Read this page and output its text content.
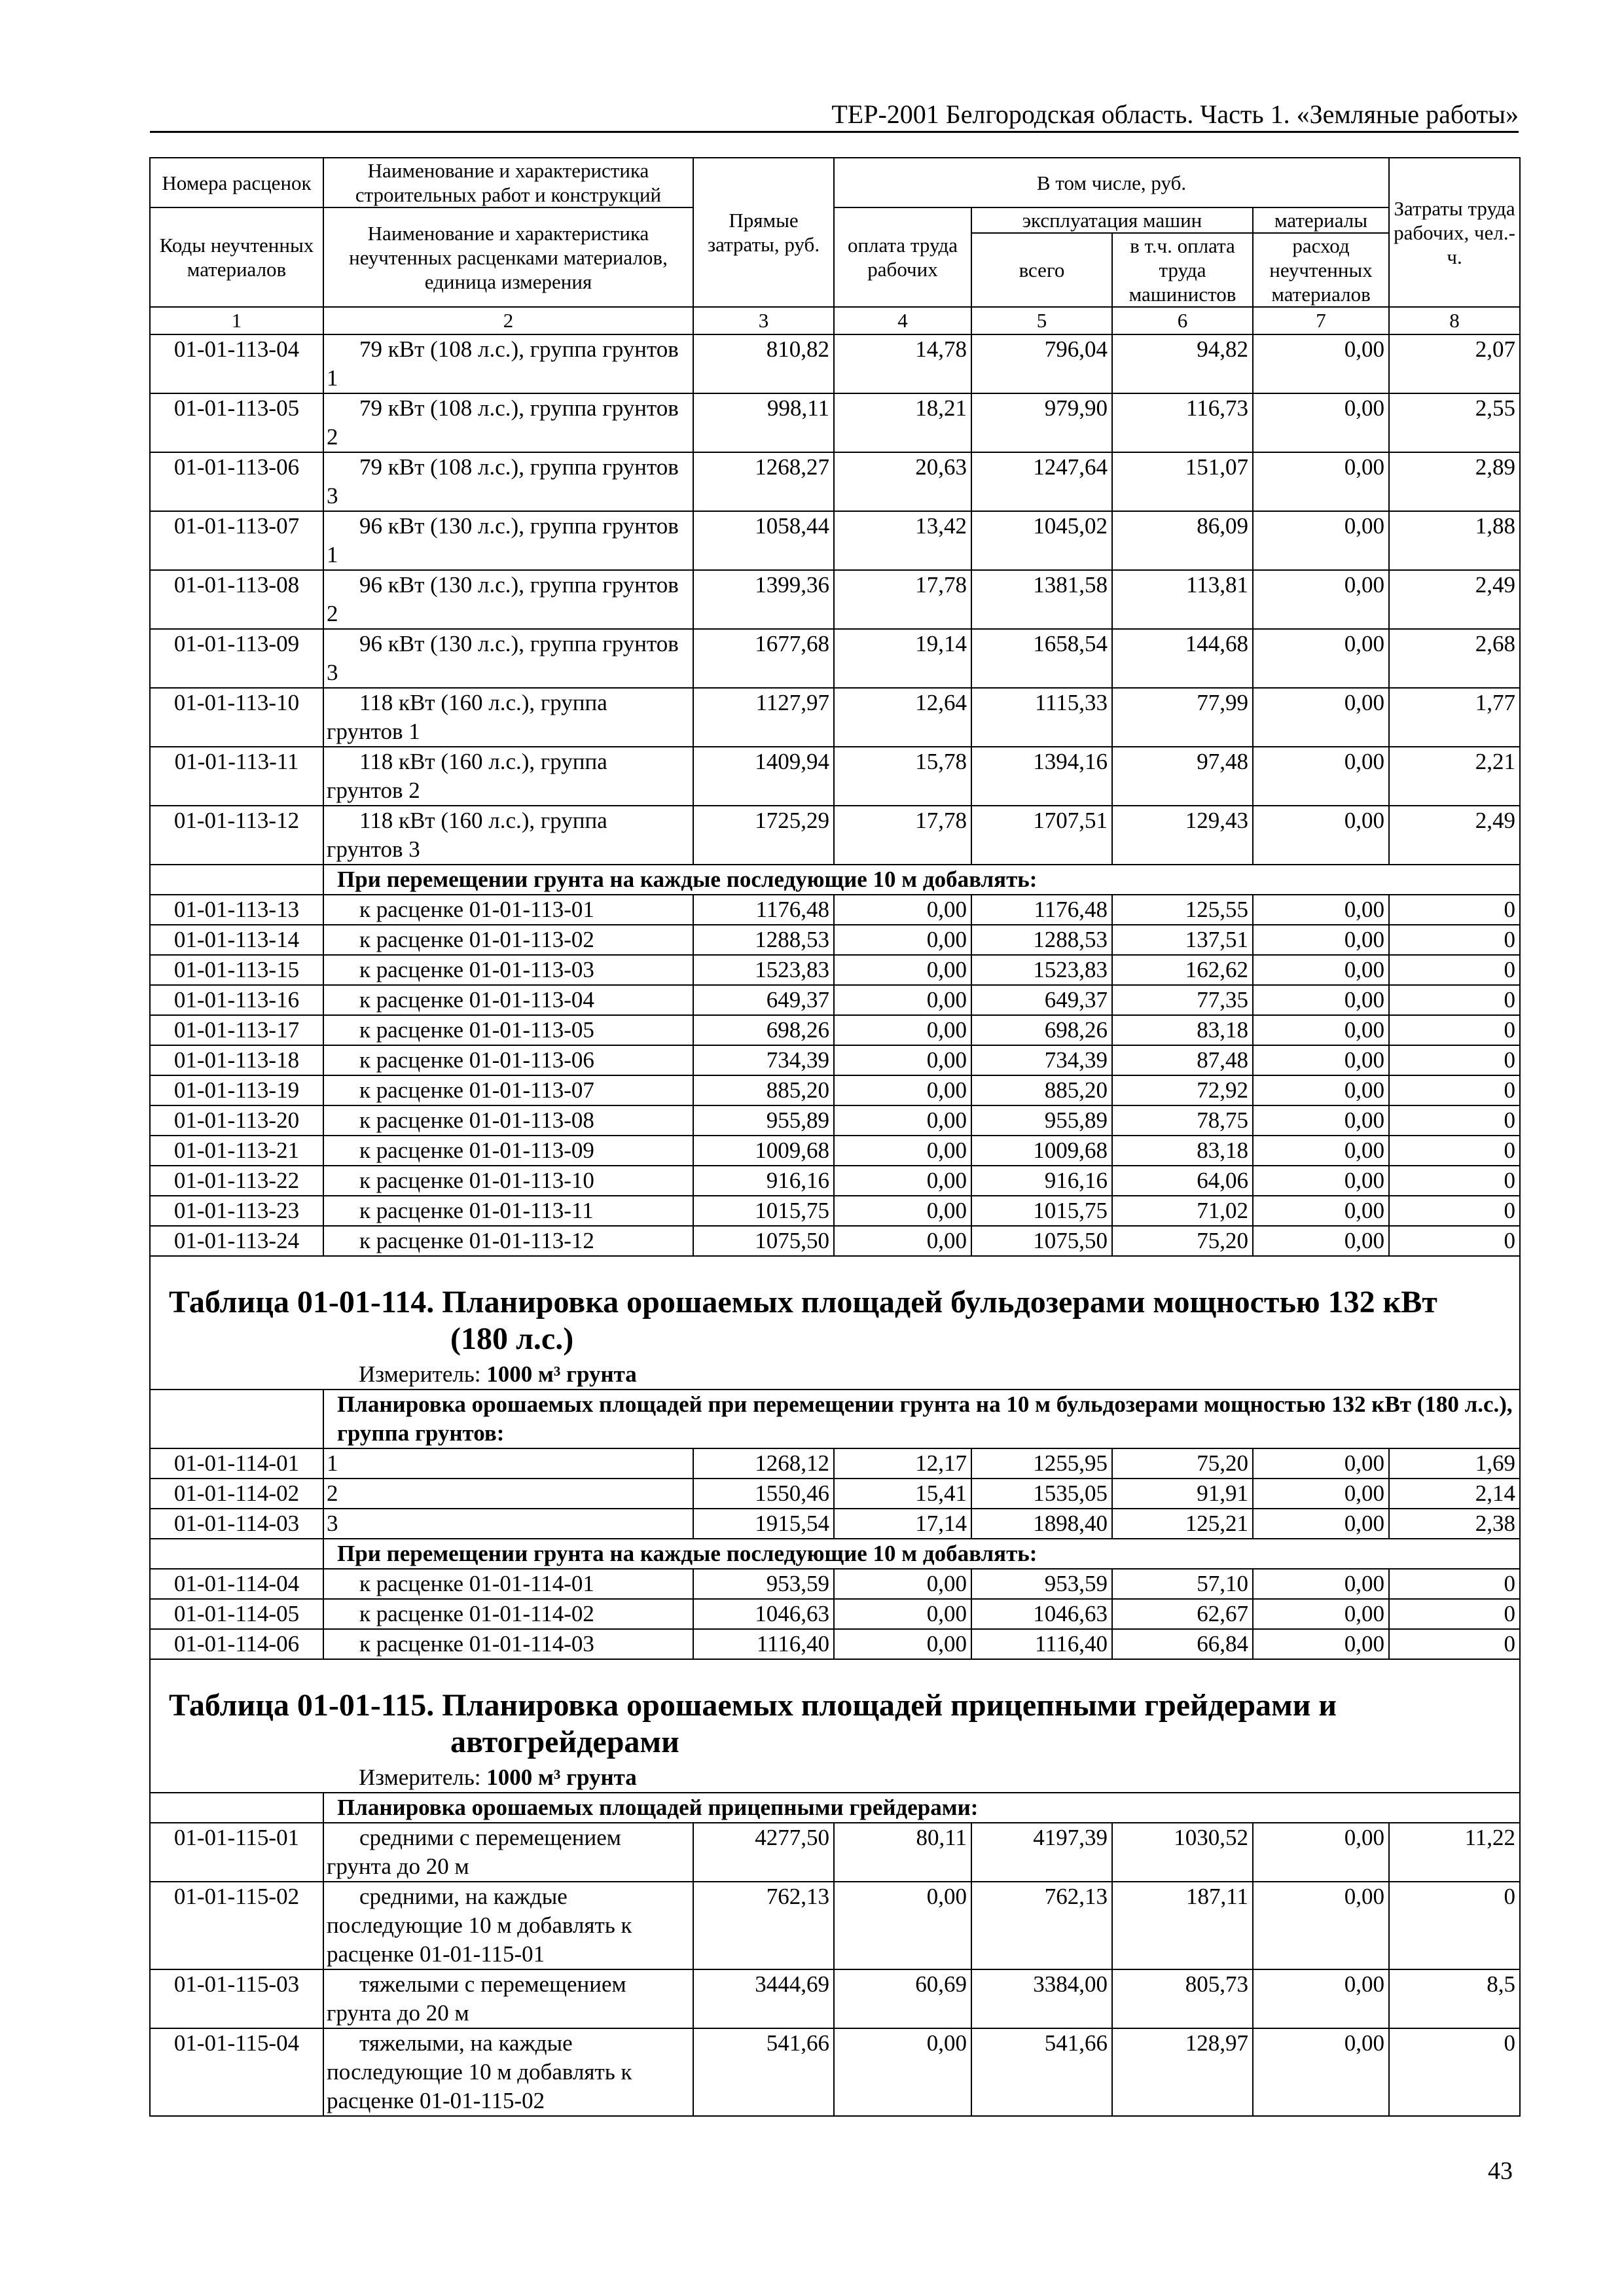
ТЕР-2001 Белгородская область. Часть 1. «Земляные работы»
Номера расценок	Наименование и характеристика строительных работ и конструкций	Прямые затраты, руб.	В том числе, руб.				Затраты труда рабочих, чел.-ч.
Коды неучтенных материалов	Наименование и характеристика неучтенных расценками материалов, единица измерения		оплата труда рабочих	эксплуатация машин		материалы	
				всего	в т.ч. оплата труда машинистов	расход неучтенных материалов	
1	2	3	4	5	6	7	8
01-01-113-04	79 кВт (108 л.с.), группа грунтов 1	810,82	14,78	796,04	94,82	0,00	2,07
01-01-113-05	79 кВт (108 л.с.), группа грунтов 2	998,11	18,21	979,90	116,73	0,00	2,55
01-01-113-06	79 кВт (108 л.с.), группа грунтов 3	1268,27	20,63	1247,64	151,07	0,00	2,89
01-01-113-07	96 кВт (130 л.с.), группа грунтов 1	1058,44	13,42	1045,02	86,09	0,00	1,88
01-01-113-08	96 кВт (130 л.с.), группа грунтов 2	1399,36	17,78	1381,58	113,81	0,00	2,49
01-01-113-09	96 кВт (130 л.с.), группа грунтов 3	1677,68	19,14	1658,54	144,68	0,00	2,68
01-01-113-10	118 кВт (160 л.с.), группа грунтов 1	1127,97	12,64	1115,33	77,99	0,00	1,77
01-01-113-11	118 кВт (160 л.с.), группа грунтов 2	1409,94	15,78	1394,16	97,48	0,00	2,21
01-01-113-12	118 кВт (160 л.с.), группа грунтов 3	1725,29	17,78	1707,51	129,43	0,00	2,49
	При перемещении грунта на каждые последующие 10 м добавлять:						
01-01-113-13	к расценке 01-01-113-01	1176,48	0,00	1176,48	125,55	0,00	0
01-01-113-14	к расценке 01-01-113-02	1288,53	0,00	1288,53	137,51	0,00	0
01-01-113-15	к расценке 01-01-113-03	1523,83	0,00	1523,83	162,62	0,00	0
01-01-113-16	к расценке 01-01-113-04	649,37	0,00	649,37	77,35	0,00	0
01-01-113-17	к расценке 01-01-113-05	698,26	0,00	698,26	83,18	0,00	0
01-01-113-18	к расценке 01-01-113-06	734,39	0,00	734,39	87,48	0,00	0
01-01-113-19	к расценке 01-01-113-07	885,20	0,00	885,20	72,92	0,00	0
01-01-113-20	к расценке 01-01-113-08	955,89	0,00	955,89	78,75	0,00	0
01-01-113-21	к расценке 01-01-113-09	1009,68	0,00	1009,68	83,18	0,00	0
01-01-113-22	к расценке 01-01-113-10	916,16	0,00	916,16	64,06	0,00	0
01-01-113-23	к расценке 01-01-113-11	1015,75	0,00	1015,75	71,02	0,00	0
01-01-113-24	к расценке 01-01-113-12	1075,50	0,00	1075,50	75,20	0,00	0

Таблица 01-01-114. Планировка орошаемых площадей бульдозерами мощностью 132 кВт
(180 л.с.)
Измеритель: 1000 м³ грунта							

	Планировка орошаемых площадей при перемещении грунта на 10 м бульдозерами мощностью 132 кВт (180 л.с.), группа грунтов:						
01-01-114-01	1	1268,12	12,17	1255,95	75,20	0,00	1,69
01-01-114-02	2	1550,46	15,41	1535,05	91,91	0,00	2,14
01-01-114-03	3	1915,54	17,14	1898,40	125,21	0,00	2,38
	При перемещении грунта на каждые последующие 10 м добавлять:						
01-01-114-04	к расценке 01-01-114-01	953,59	0,00	953,59	57,10	0,00	0
01-01-114-05	к расценке 01-01-114-02	1046,63	0,00	1046,63	62,67	0,00	0
01-01-114-06	к расценке 01-01-114-03	1116,40	0,00	1116,40	66,84	0,00	0

Таблица 01-01-115. Планировка орошаемых площадей прицепными грейдерами и
автогрейдерами
Измеритель: 1000 м³ грунта							

	Планировка орошаемых площадей прицепными грейдерами:						
01-01-115-01	средними с перемещением грунта до 20 м	4277,50	80,11	4197,39	1030,52	0,00	11,22
01-01-115-02	средними, на каждые последующие 10 м добавлять к расценке 01-01-115-01	762,13	0,00	762,13	187,11	0,00	0
01-01-115-03	тяжелыми с перемещением грунта до 20 м	3444,69	60,69	3384,00	805,73	0,00	8,5
01-01-115-04	тяжелыми, на каждые последующие 10 м добавлять к расценке 01-01-115-02	541,66	0,00	541,66	128,97	0,00	0
43
